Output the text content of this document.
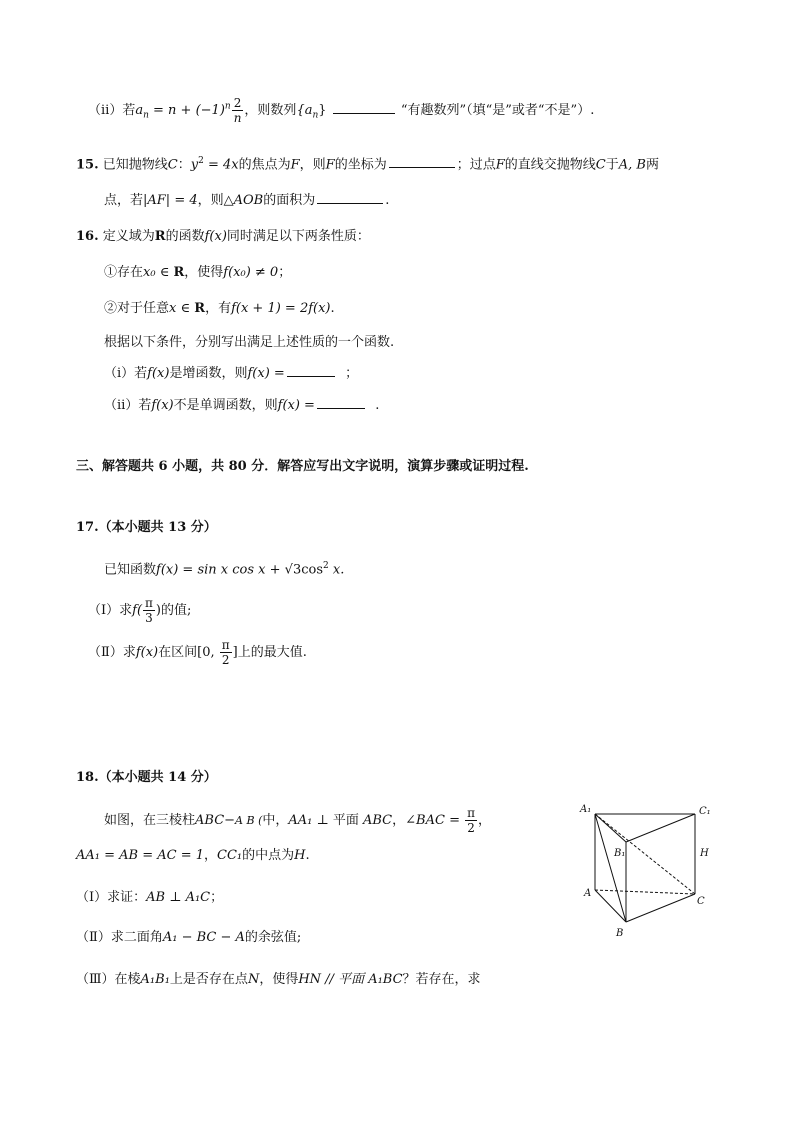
（ⅱ）若$a_n = n + (-1)^n \frac{2}{n}$ ，则数列$\{a_n\}$	“有趣数列”（填“是”或者“不是”）.
15. 已知抛物线C：$y^2 = 4x$的焦点为F，则F的坐标为	；过点F的直线交抛物线C于A, B两
点，若|AF| = 4，则△AOB的面积为	.
16. 定义域为R的函数f(x)同时满足以下两条性质：
①存在x₀ ∈ R，使得f(x₀) ≠ 0；
②对于任意x ∈ R，有f(x + 1) = 2f(x).
根据以下条件，分别写出满足上述性质的一个函数.
（i）若f(x)是增函数，则f(x) =	；
（ⅱ）若f(x)不是单调函数，则f(x) =	.
三、解答题共 6 小题，共 80 分．解答应写出文字说明，演算步骤或证明过程.
17.（本小题共 13 分）
已知函数f(x) = sin x $\cos x + √3\cos^2$ x.
（Ⅰ）求$f( \frac{\pi}{3}$ )的值;
（Ⅱ）求f(x)在区间[0, $\frac{\pi}{2}$ ]上的最大值.
18.（本小题共 14 分）
如图，在三棱柱ABC−A B (中，AA₁ ⊥ 平面 ABC，∠BAC = $\frac{\pi}{2}$ ，
AA₁ = AB = AC = 1，CC₁的中点为H.
（Ⅰ）求证：AB ⊥ A₁C；
（Ⅱ）求二面角A₁ − BC − A的余弦值;
（Ⅲ）在棱A₁B₁上是否存在点N，使得HN // 平面 A₁BC？若存在，求
A₁	C₁
B₁	H
A
C
B
